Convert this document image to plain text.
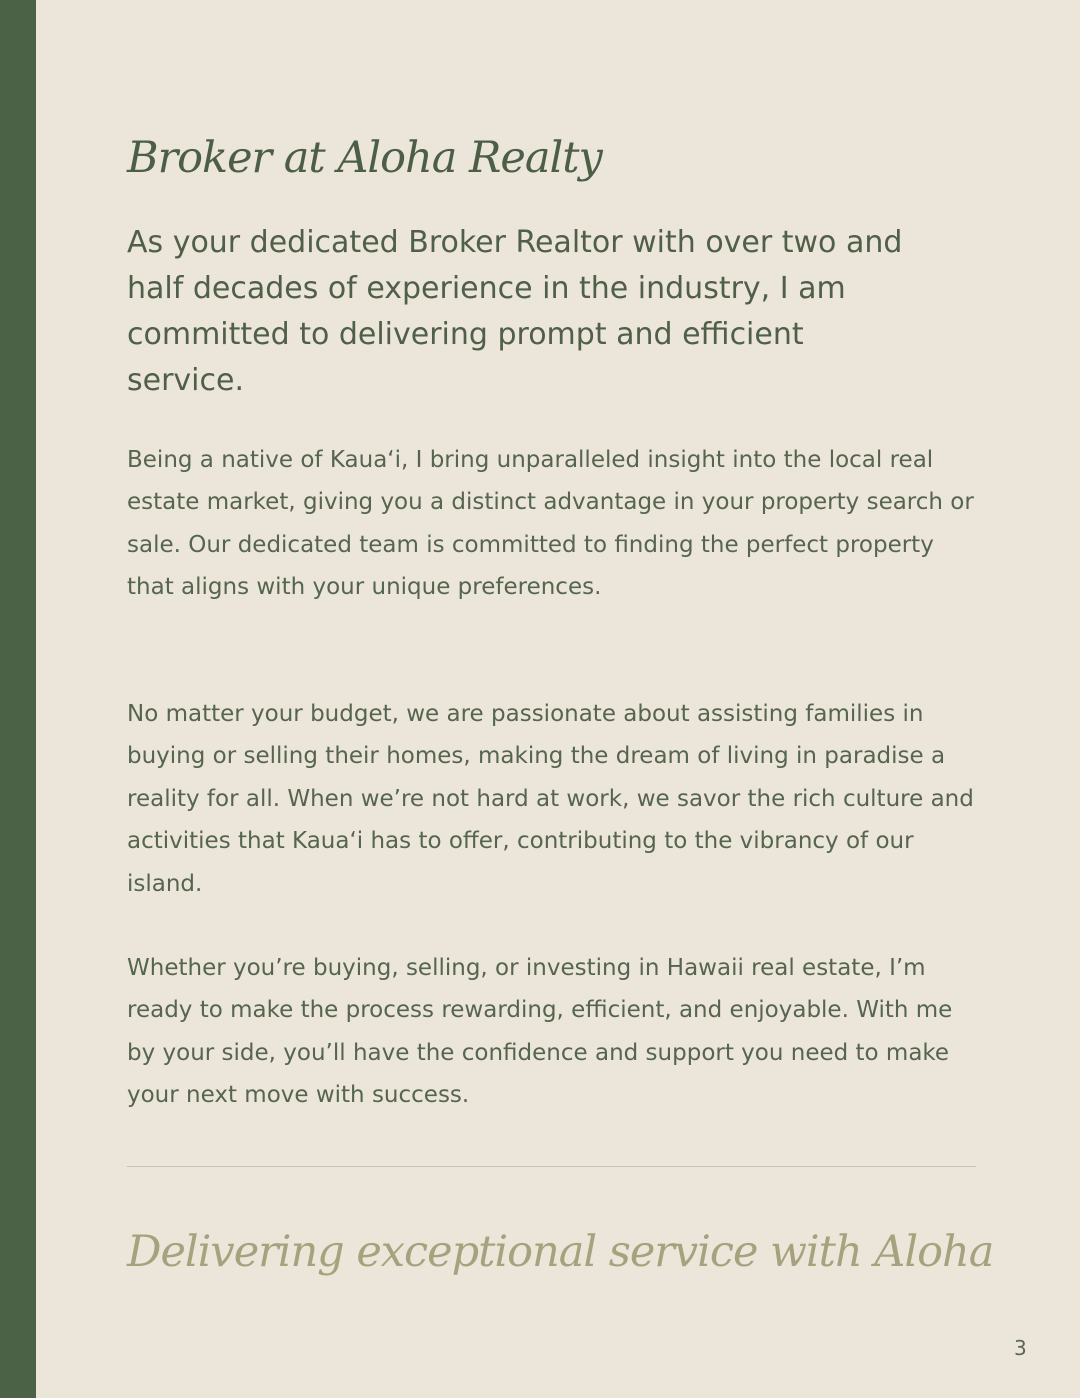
Broker at Aloha Realty

As your dedicated Broker Realtor with over two and half decades of experience in the industry, I am committed to delivering prompt and efficient service.

Being a native of Kaua‘i, I bring unparalleled insight into the local real estate market, giving you a distinct advantage in your property search or sale. Our dedicated team is committed to finding the perfect property that aligns with your unique preferences.

No matter your budget, we are passionate about assisting families in buying or selling their homes, making the dream of living in paradise a reality for all. When we’re not hard at work, we savor the rich culture and activities that Kaua‘i has to offer, contributing to the vibrancy of our island.

Whether you’re buying, selling, or investing in Hawaii real estate, I’m ready to make the process rewarding, efficient, and enjoyable. With me by your side, you’ll have the confidence and support you need to make your next move with success.

Delivering exceptional service with Aloha
3
